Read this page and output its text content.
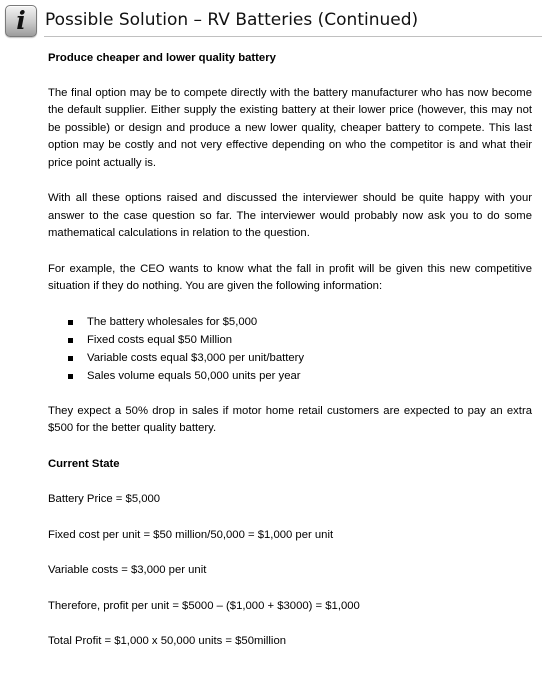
i	Possible Solution – RV Batteries (Continued)

Produce cheaper and lower quality battery

The final option may be to compete directly with the battery manufacturer who has now become the default supplier. Either supply the existing battery at their lower price (however, this may not be possible) or design and produce a new lower quality, cheaper battery to compete. This last option may be costly and not very effective depending on who the competitor is and what their price point actually is.

With all these options raised and discussed the interviewer should be quite happy with your answer to the case question so far. The interviewer would probably now ask you to do some mathematical calculations in relation to the question.

For example, the CEO wants to know what the fall in profit will be given this new competitive situation if they do nothing. You are given the following information:

The battery wholesales for $5,000
Fixed costs equal $50 Million
Variable costs equal $3,000 per unit/battery
Sales volume equals 50,000 units per year

They expect a 50% drop in sales if motor home retail customers are expected to pay an extra $500 for the better quality battery.

Current State

Battery Price = $5,000

Fixed cost per unit = $50 million/50,000 = $1,000 per unit

Variable costs = $3,000 per unit

Therefore, profit per unit = $5000 – ($1,000 + $3000) = $1,000

Total Profit = $1,000 x 50,000 units = $50million
